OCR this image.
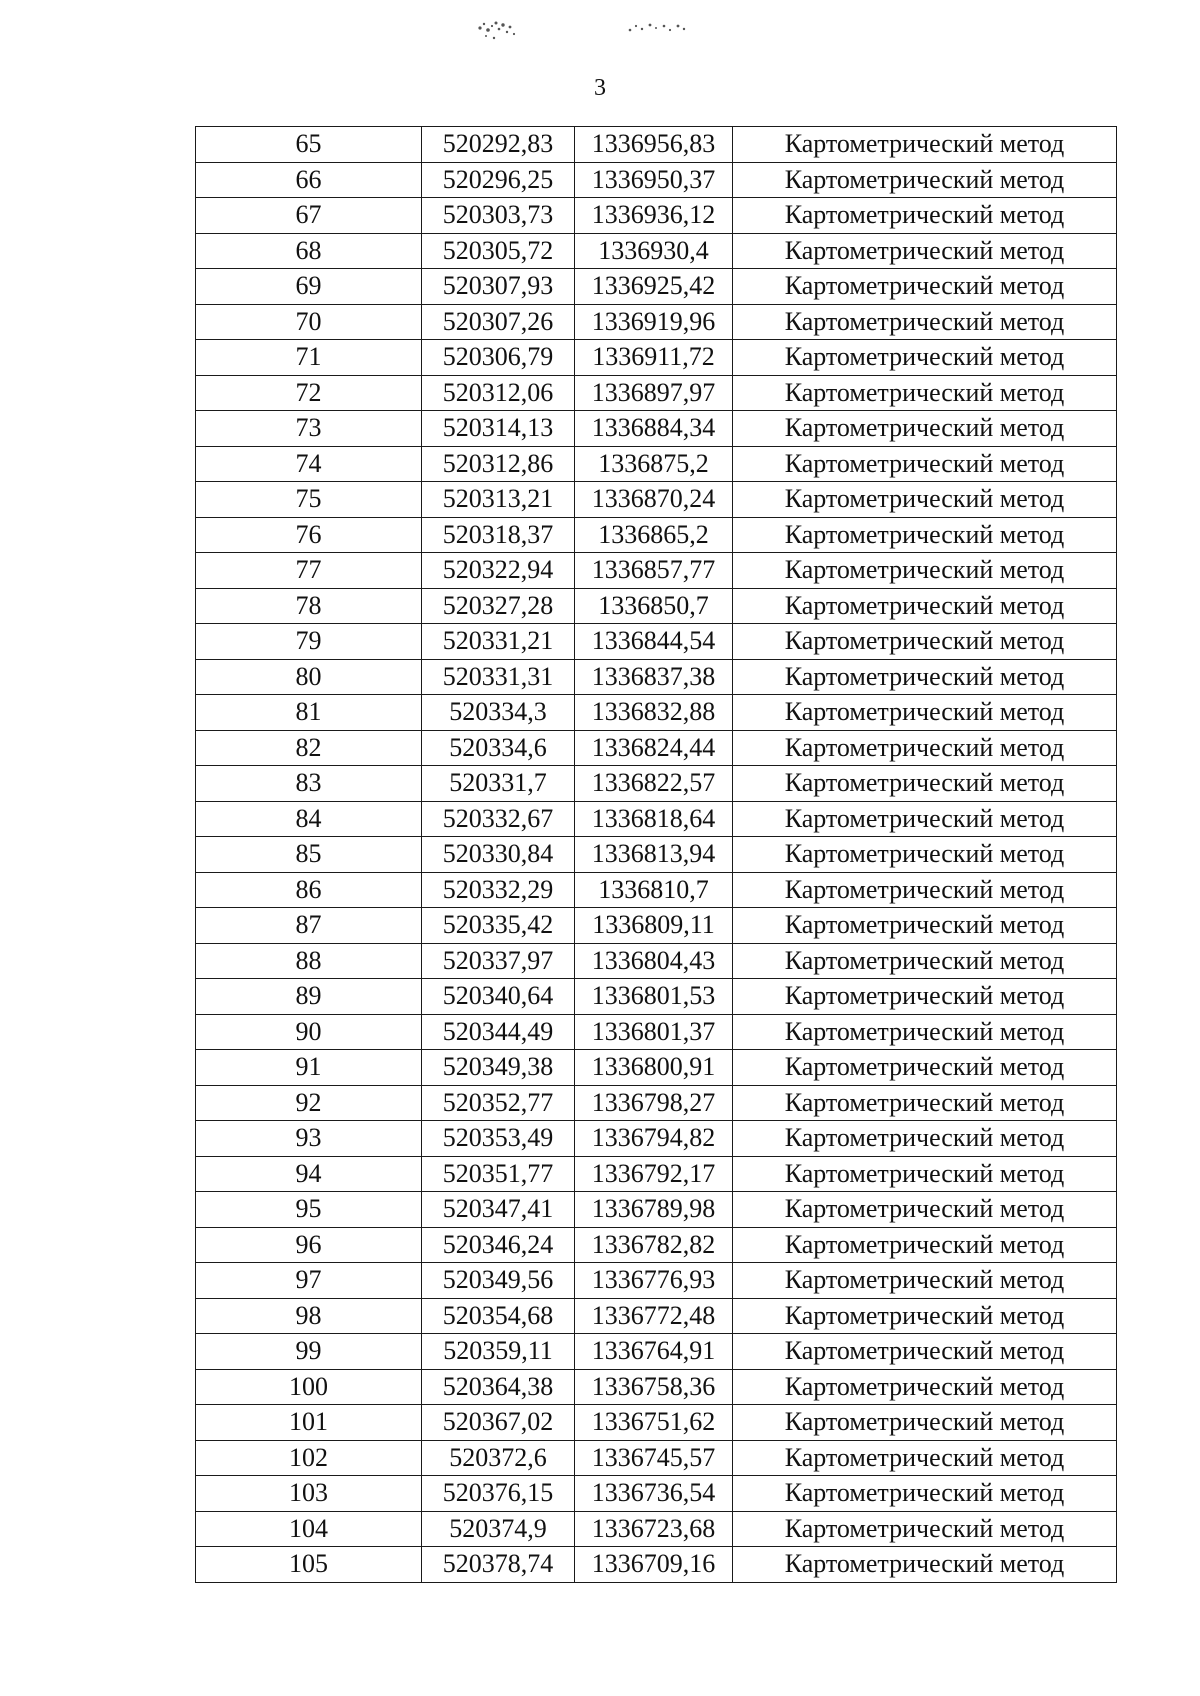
3
65	520292,83	1336956,83	Картометрический метод
66	520296,25	1336950,37	Картометрический метод
67	520303,73	1336936,12	Картометрический метод
68	520305,72	1336930,4	Картометрический метод
69	520307,93	1336925,42	Картометрический метод
70	520307,26	1336919,96	Картометрический метод
71	520306,79	1336911,72	Картометрический метод
72	520312,06	1336897,97	Картометрический метод
73	520314,13	1336884,34	Картометрический метод
74	520312,86	1336875,2	Картометрический метод
75	520313,21	1336870,24	Картометрический метод
76	520318,37	1336865,2	Картометрический метод
77	520322,94	1336857,77	Картометрический метод
78	520327,28	1336850,7	Картометрический метод
79	520331,21	1336844,54	Картометрический метод
80	520331,31	1336837,38	Картометрический метод
81	520334,3	1336832,88	Картометрический метод
82	520334,6	1336824,44	Картометрический метод
83	520331,7	1336822,57	Картометрический метод
84	520332,67	1336818,64	Картометрический метод
85	520330,84	1336813,94	Картометрический метод
86	520332,29	1336810,7	Картометрический метод
87	520335,42	1336809,11	Картометрический метод
88	520337,97	1336804,43	Картометрический метод
89	520340,64	1336801,53	Картометрический метод
90	520344,49	1336801,37	Картометрический метод
91	520349,38	1336800,91	Картометрический метод
92	520352,77	1336798,27	Картометрический метод
93	520353,49	1336794,82	Картометрический метод
94	520351,77	1336792,17	Картометрический метод
95	520347,41	1336789,98	Картометрический метод
96	520346,24	1336782,82	Картометрический метод
97	520349,56	1336776,93	Картометрический метод
98	520354,68	1336772,48	Картометрический метод
99	520359,11	1336764,91	Картометрический метод
100	520364,38	1336758,36	Картометрический метод
101	520367,02	1336751,62	Картометрический метод
102	520372,6	1336745,57	Картометрический метод
103	520376,15	1336736,54	Картометрический метод
104	520374,9	1336723,68	Картометрический метод
105	520378,74	1336709,16	Картометрический метод
